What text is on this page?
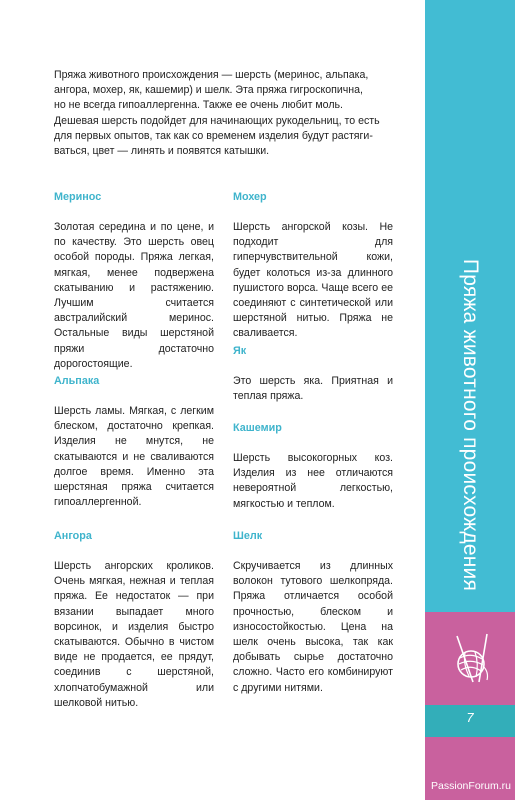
Пряжа животного происхождения — шерсть (меринос, альпака,

ангора, мохер, як, кашемир) и шелк. Эта пряжа гигроскопична,

но не всегда гипоаллергенна. Также ее очень любит моль.

Дешевая шерсть подойдет для начинающих рукодельниц, то есть

для первых опытов, так как со временем изделия будут растяги-

ваться, цвет — линять и появятся катышки.

Меринос

Золотая середина и по цене, и по качеству. Это шерсть овец особой породы. Пряжа легкая, мягкая, менее подвержена скатыванию и растяжению. Лучшим считается австралийский меринос. Остальные виды шерстяной пряжи достаточно дорогостоящие.

Альпака

Шерсть ламы. Мягкая, с легким блеском, достаточно крепкая. Изделия не мнутся, не скатываются и не сваливаются долгое время. Именно эта шерстяная пряжа считается гипоаллергенной.

Ангора

Шерсть ангорских кроликов. Очень мягкая, нежная и теплая пряжа. Ее недостаток — при вязании выпадает много ворсинок, и изделия быстро скатываются. Обычно в чистом виде не продается, ее прядут, соединив с шерстяной, хлопчатобумажной или шелковой нитью.

Мохер

Шерсть ангорской козы. Не подходит для гиперчувствительной кожи, будет колоться из-за длинного пушистого ворса. Чаще всего ее соединяют с синтетической или шерстяной нитью. Пряжа не сваливается.

Як

Это шерсть яка. Приятная и теплая пряжа.

Кашемир

Шерсть высокогорных коз. Изделия из нее отличаются невероятной легкостью, мягкостью и теплом.

Шелк

Скручивается из длинных волокон тутового шелкопряда. Пряжа отличается особой прочностью, блеском и износостойкостью. Цена на шелк очень высока, так как добывать сырье достаточно сложно. Часто его комбинируют с другими нитями.

Пряжа животного происхождения
7
PassionForum.ru
